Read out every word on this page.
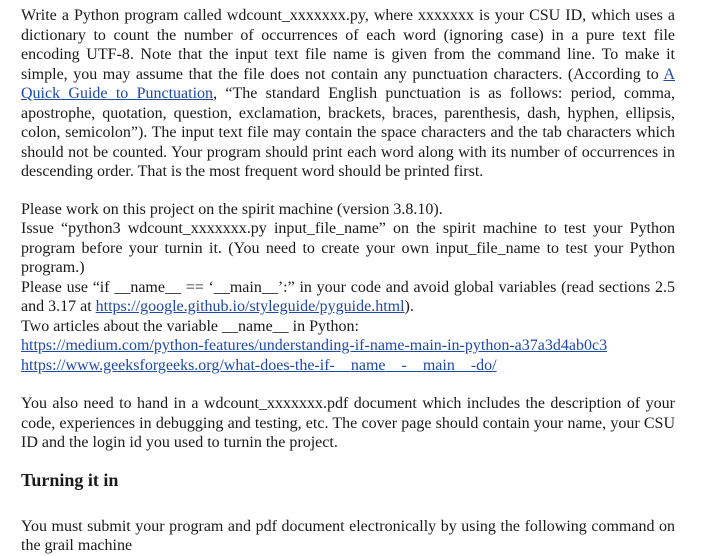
Write a Python program called wdcount_xxxxxxx.py, where xxxxxxx is your CSU ID, which uses a dictionary to count the number of occurrences of each word (ignoring case) in a pure text file encoding UTF-8. Note that the input text file name is given from the command line. To make it simple, you may assume that the file does not contain any punctuation characters. (According to A Quick Guide to Punctuation, “The standard English punctuation is as follows: period, comma, apostrophe, quotation, question, exclamation, brackets, braces, parenthesis, dash, hyphen, ellipsis, colon, semicolon”). The input text file may contain the space characters and the tab characters which should not be counted. Your program should print each word along with its number of occurrences in descending order. That is the most frequent word should be printed first.

Please work on this project on the spirit machine (version 3.8.10).

Issue “python3 wdcount_xxxxxxx.py input_file_name” on the spirit machine to test your Python program before your turnin it. (You need to create your own input_file_name to test your Python program.)

Please use “if __name__ == ‘__main__’:” in your code and avoid global variables (read sections 2.5 and 3.17 at https://google.github.io/styleguide/pyguide.html).

Two articles about the variable __name__ in Python:

https://medium.com/python-features/understanding-if-name-main-in-python-a37a3d4ab0c3

https://www.geeksforgeeks.org/what-does-the-if-__name__-__main__-do/

You also need to hand in a wdcount_xxxxxxx.pdf document which includes the description of your code, experiences in debugging and testing, etc. The cover page should contain your name, your CSU ID and the login id you used to turnin the project.

Turning it in

You must submit your program and pdf document electronically by using the following command on the grail machine
